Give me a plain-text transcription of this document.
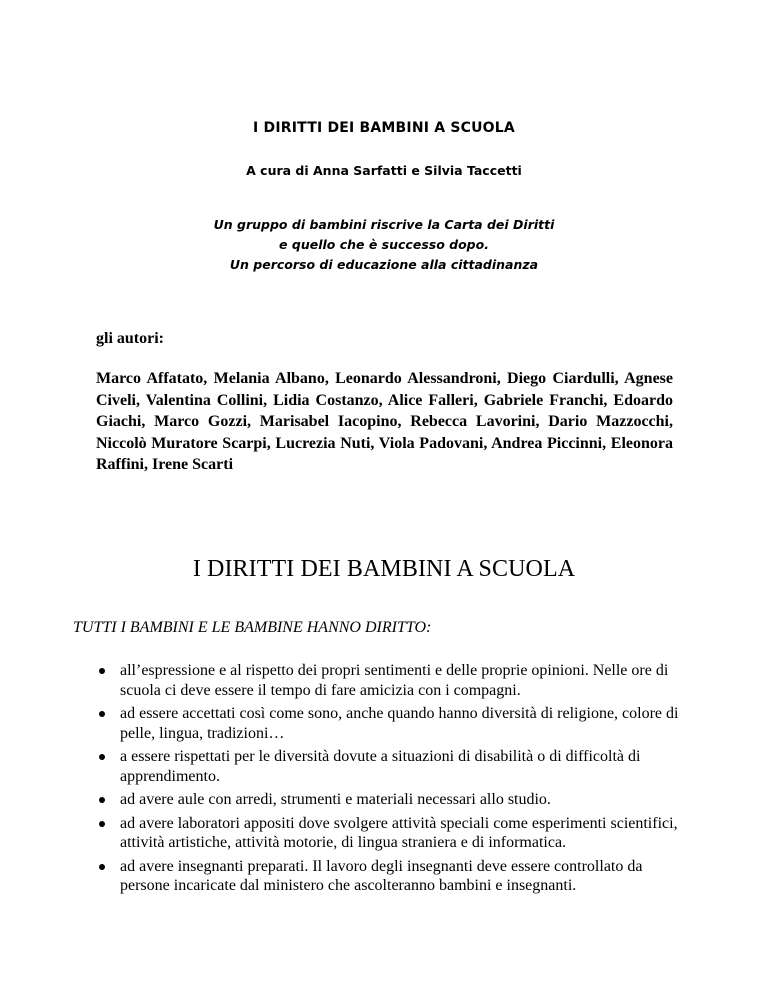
I DIRITTI DEI BAMBINI A SCUOLA
A cura di Anna Sarfatti e Silvia Taccetti
Un gruppo di bambini riscrive la Carta dei Diritti
e quello che è successo dopo.
Un percorso di educazione alla cittadinanza
gli autori:
Marco Affatato, Melania Albano, Leonardo Alessandroni, Diego Ciardulli, Agnese Civeli, Valentina Collini, Lidia Costanzo, Alice Falleri, Gabriele Franchi, Edoardo Giachi, Marco Gozzi, Marisabel Iacopino, Rebecca Lavorini, Dario Mazzocchi, Niccolò Muratore Scarpi, Lucrezia Nuti, Viola Padovani, Andrea Piccinni, Eleonora Raffini, Irene Scarti
I DIRITTI DEI BAMBINI A SCUOLA
TUTTI I BAMBINI E LE BAMBINE HANNO DIRITTO:
all’espressione e al rispetto dei propri sentimenti e delle proprie opinioni. Nelle ore di scuola ci deve essere il tempo di fare amicizia con i compagni.
ad essere accettati così come sono, anche quando hanno diversità di religione, colore di pelle, lingua, tradizioni…
a essere rispettati per le diversità dovute a situazioni di disabilità o di difficoltà di apprendimento.
ad avere aule con arredi, strumenti e materiali necessari allo studio.
ad avere laboratori appositi dove svolgere attività speciali come esperimenti scientifici, attività artistiche, attività motorie, di lingua straniera e di informatica.
ad avere insegnanti preparati. Il lavoro degli insegnanti deve essere controllato da persone incaricate dal ministero che ascolteranno bambini e insegnanti.
